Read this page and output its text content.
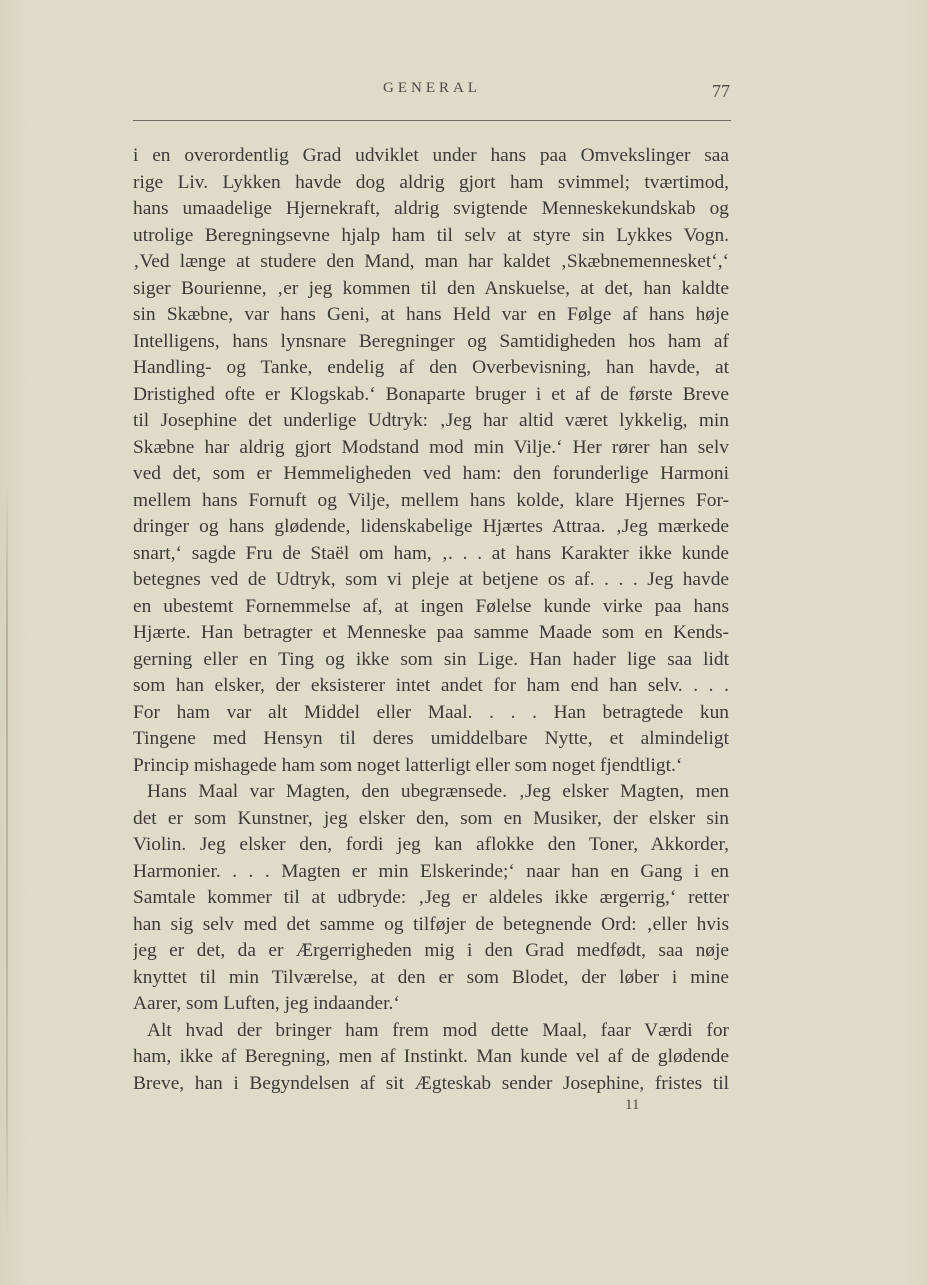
GENERAL	77
i en overordentlig Grad udviklet under hans paa Omvekslinger saa
rige Liv. Lykken havde dog aldrig gjort ham svimmel; tværtimod,
hans umaadelige Hjernekraft, aldrig svigtende Menneskekundskab og
utrolige Beregningsevne hjalp ham til selv at styre sin Lykkes Vogn.
‚Ved længe at studere den Mand, man har kaldet ‚Skæbnemennesket‘,‘
siger Bourienne, ‚er jeg kommen til den Anskuelse, at det, han kaldte
sin Skæbne, var hans Geni, at hans Held var en Følge af hans høje
Intelligens, hans lynsnare Beregninger og Samtidigheden hos ham af
Handling- og Tanke, endelig af den Overbevisning, han havde, at
Dristighed ofte er Klogskab.‘ Bonaparte bruger i et af de første Breve
til Josephine det underlige Udtryk: ‚Jeg har altid været lykkelig, min
Skæbne har aldrig gjort Modstand mod min Vilje.‘ Her rører han selv
ved det, som er Hemmeligheden ved ham: den forunderlige Harmoni
mellem hans Fornuft og Vilje, mellem hans kolde, klare Hjernes For-
dringer og hans glødende, lidenskabelige Hjærtes Attraa. ‚Jeg mærkede
snart,‘ sagde Fru de Staël om ham, ‚. . . at hans Karakter ikke kunde
betegnes ved de Udtryk, som vi pleje at betjene os af. . . . Jeg havde
en ubestemt Fornemmelse af, at ingen Følelse kunde virke paa hans
Hjærte. Han betragter et Menneske paa samme Maade som en Kends-
gerning eller en Ting og ikke som sin Lige. Han hader lige saa lidt
som han elsker, der eksisterer intet andet for ham end han selv. . . .
For ham var alt Middel eller Maal. . . . Han betragtede kun
Tingene med Hensyn til deres umiddelbare Nytte, et almindeligt
Princip mishagede ham som noget latterligt eller som noget fjendtligt.‘
Hans Maal var Magten, den ubegrænsede. ‚Jeg elsker Magten, men
det er som Kunstner, jeg elsker den, som en Musiker, der elsker sin
Violin. Jeg elsker den, fordi jeg kan aflokke den Toner, Akkorder,
Harmonier. . . . Magten er min Elskerinde;‘ naar han en Gang i en
Samtale kommer til at udbryde: ‚Jeg er aldeles ikke ærgerrig,‘ retter
han sig selv med det samme og tilføjer de betegnende Ord: ‚eller hvis
jeg er det, da er Ærgerrigheden mig i den Grad medfødt, saa nøje
knyttet til min Tilværelse, at den er som Blodet, der løber i mine
Aarer, som Luften, jeg indaander.‘
Alt hvad der bringer ham frem mod dette Maal, faar Værdi for
ham, ikke af Beregning, men af Instinkt. Man kunde vel af de glødende
Breve, han i Begyndelsen af sit Ægteskab sender Josephine, fristes til
11
